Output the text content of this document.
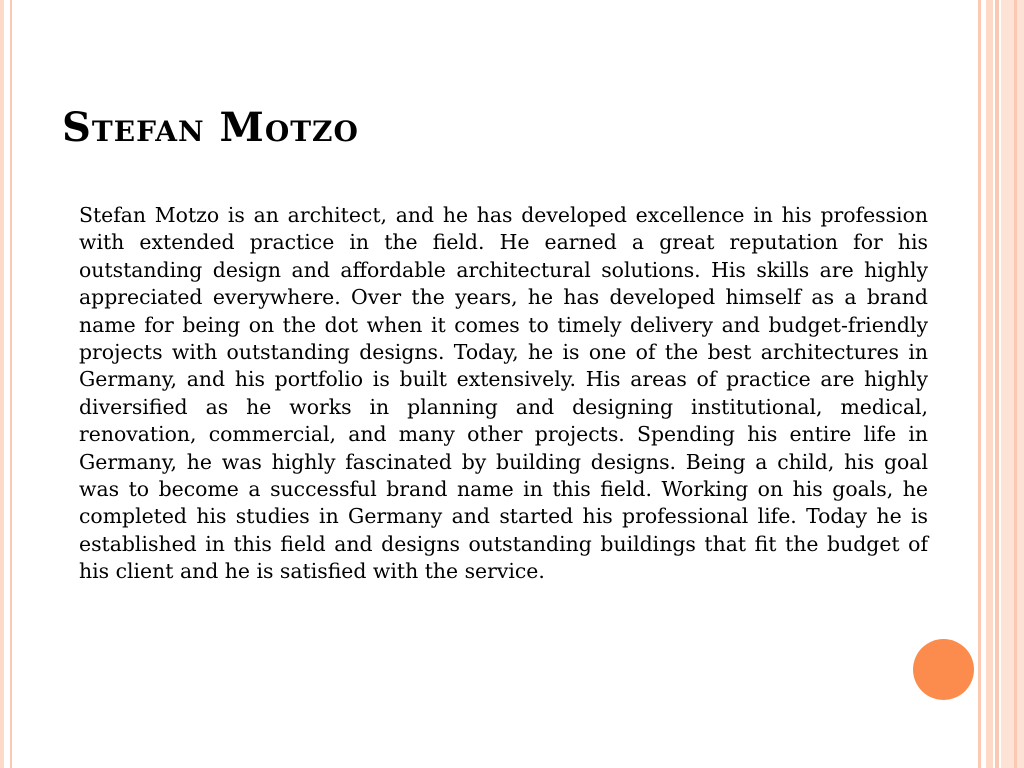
Stefan Motzo

Stefan Motzo is an architect, and he has developed excellence in his profession with extended practice in the field. He earned a great reputation for his outstanding design and affordable architectural solutions. His skills are highly appreciated everywhere. Over the years, he has developed himself as a brand name for being on the dot when it comes to timely delivery and budget-friendly projects with outstanding designs. Today, he is one of the best architectures in Germany, and his portfolio is built extensively. His areas of practice are highly diversified as he works in planning and designing institutional, medical, renovation, commercial, and many other projects. Spending his entire life in Germany, he was highly fascinated by building designs. Being a child, his goal was to become a successful brand name in this field. Working on his goals, he completed his studies in Germany and started his professional life. Today he is established in this field and designs outstanding buildings that fit the budget of his client and he is satisfied with the service.
